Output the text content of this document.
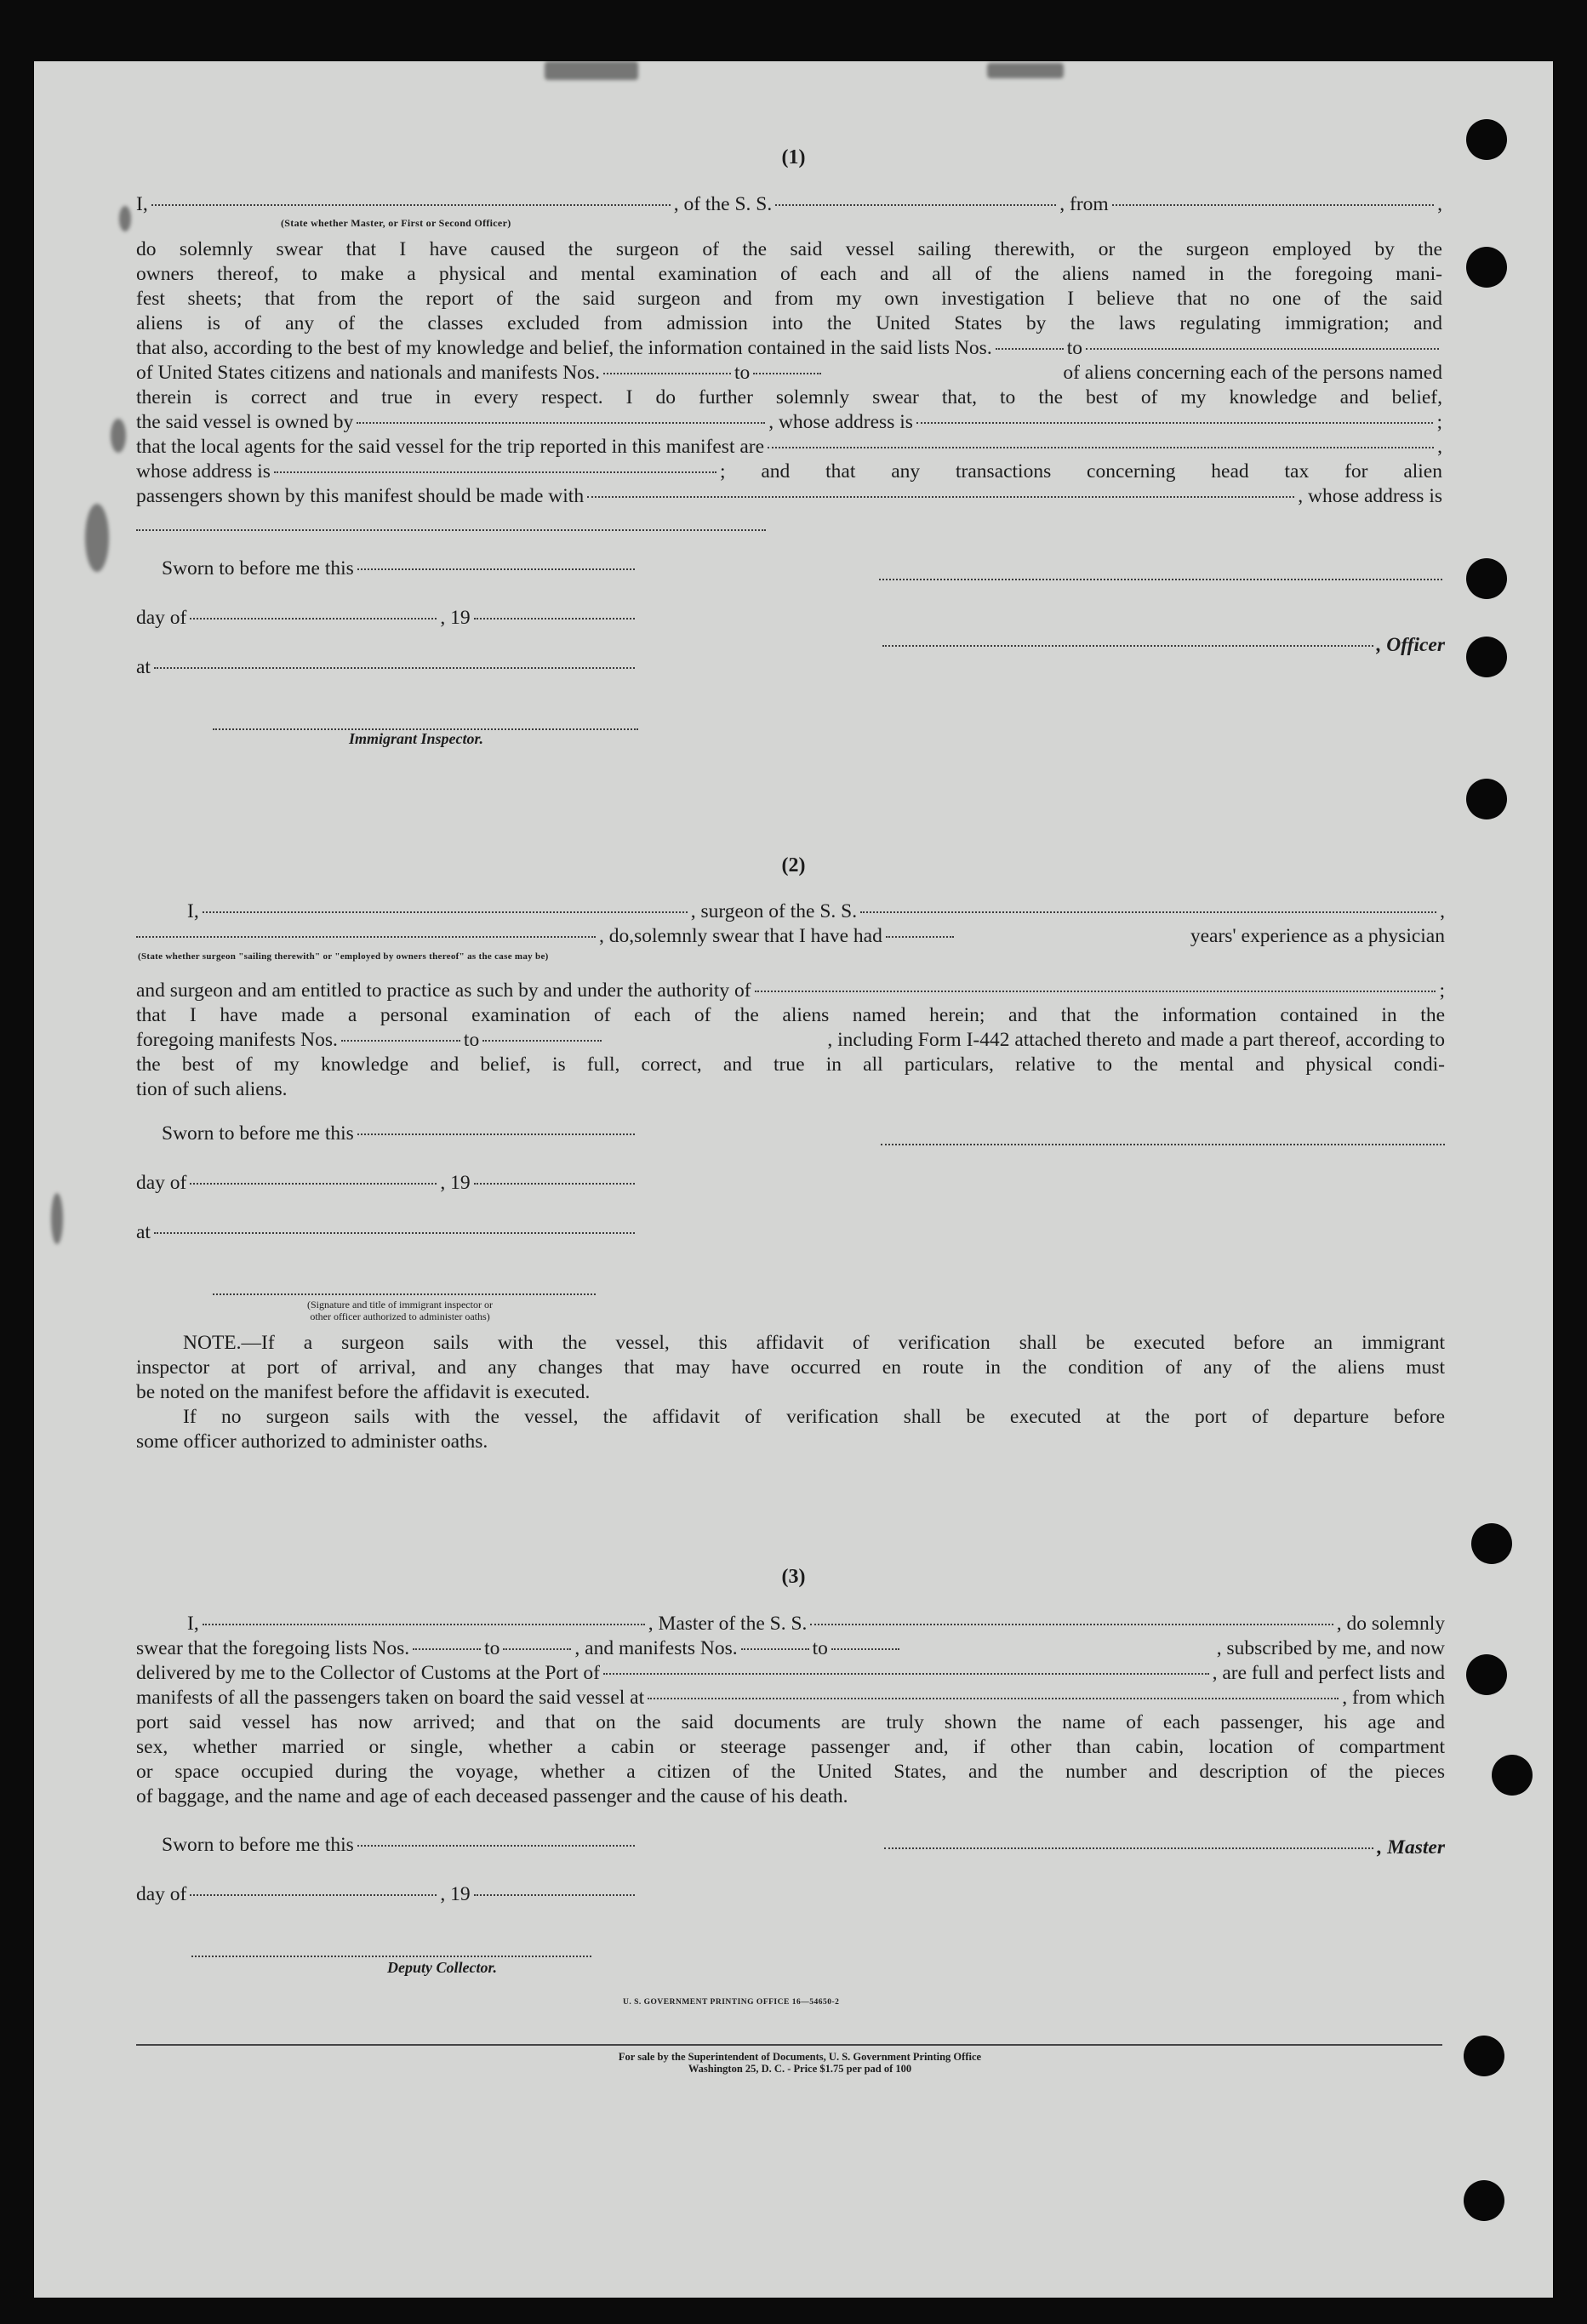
(1)
I,	, of the S. S.	, from	,
(State whether Master, or First or Second Officer)
do solemnly swear that I have caused the surgeon of the said vessel sailing therewith, or the surgeon employed by the
owners thereof, to make a physical and mental examination of each and all of the aliens named in the foregoing mani-
fest sheets; that from the report of the said surgeon and from my own investigation I believe that no one of the said
aliens is of any of the classes excluded from admission into the United States by the laws regulating immigration; and
that also, according to the best of my knowledge and belief, the information contained in the said lists Nos.	to
of United States citizens and nationals and manifests Nos.	to	of aliens concerning each of the persons named
therein is correct and true in every respect. I do further solemnly swear that, to the best of my knowledge and belief,
the said vessel is owned by	, whose address is	;
that the local agents for the said vessel for the trip reported in this manifest are	,
whose address is	; and that any transactions concerning head tax for alien
passengers shown by this manifest should be made with	, whose address is
Sworn to before me this
day of	, 19
, Officer
at
Immigrant Inspector.
(2)
I,	, surgeon of the S. S.	,
, do,solemnly swear that I have had	years' experience as a physician
(State whether surgeon "sailing therewith" or "employed by owners thereof" as the case may be)
and surgeon and am entitled to practice as such by and under the authority of	;
that I have made a personal examination of each of the aliens named herein; and that the information contained in the
foregoing manifests Nos.	to	, including Form I-442 attached thereto and made a part thereof, according to
the best of my knowledge and belief, is full, correct, and true in all particulars, relative to the mental and physical condi-
tion of such aliens.
Sworn to before me this
day of	, 19
at
(Signature and title of immigrant inspector or
other officer authorized to administer oaths)
NOTE.—If a surgeon sails with the vessel, this affidavit of verification shall be executed before an immigrant
inspector at port of arrival, and any changes that may have occurred en route in the condition of any of the aliens must
be noted on the manifest before the affidavit is executed.
If no surgeon sails with the vessel, the affidavit of verification shall be executed at the port of departure before
some officer authorized to administer oaths.
(3)
I,	, Master of the S. S.	, do solemnly
swear that the foregoing lists Nos.	to	, and manifests Nos.	to	, subscribed by me, and now
delivered by me to the Collector of Customs at the Port of	, are full and perfect lists and
manifests of all the passengers taken on board the said vessel at	, from which
port said vessel has now arrived; and that on the said documents are truly shown the name of each passenger, his age and
sex, whether married or single, whether a cabin or steerage passenger and, if other than cabin, location of compartment
or space occupied during the voyage, whether a citizen of the United States, and the number and description of the pieces
of baggage, and the name and age of each deceased passenger and the cause of his death.
Sworn to before me this	, Master
day of	, 19
Deputy Collector.
U. S. GOVERNMENT PRINTING OFFICE 16—54650-2
For sale by the Superintendent of Documents, U. S. Government Printing Office
Washington 25, D. C. - Price $1.75 per pad of 100
